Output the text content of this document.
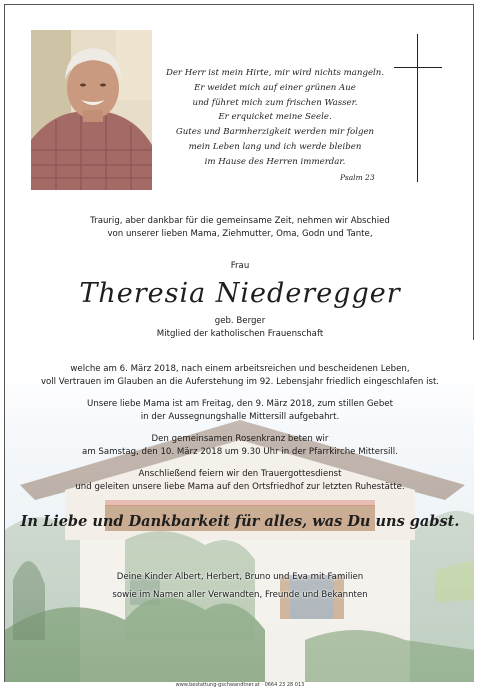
Der Herr ist mein Hirte, mir wird nichts mangeln.
Er weidet mich auf einer grünen Aue
und führet mich zum frischen Wasser.
Er erquicket meine Seele.
Gutes und Barmherzigkeit werden mir folgen
mein Leben lang und ich werde bleiben
im Hause des Herren immerdar.
Psalm 23
Traurig, aber dankbar für die gemeinsame Zeit, nehmen wir Abschied
von unserer lieben Mama, Ziehmutter, Oma, Godn und Tante,
Frau
Theresia Niederegger
geb. Berger
Mitglied der katholischen Frauenschaft
welche am 6. März 2018, nach einem arbeitsreichen und bescheidenen Leben,
voll Vertrauen im Glauben an die Auferstehung im 92. Lebensjahr friedlich eingeschlafen ist.
Unsere liebe Mama ist am Freitag, den 9. März 2018, zum stillen Gebet
in der Aussegnungshalle Mittersill aufgebahrt.
Den gemeinsamen Rosenkranz beten wir
am Samstag, den 10. März 2018 um 9.30 Uhr in der Pfarrkirche Mittersill.
Anschließend feiern wir den Trauergottesdienst
und geleiten unsere liebe Mama auf den Ortsfriedhof zur letzten Ruhestätte.
In Liebe und Dankbarkeit für alles, was Du uns gabst.
Deine Kinder Albert, Herbert, Bruno und Eva mit Familien
sowie im Namen aller Verwandten, Freunde und Bekannten
www.bestattung-gschwandtner.at · 0664 23 28 013
